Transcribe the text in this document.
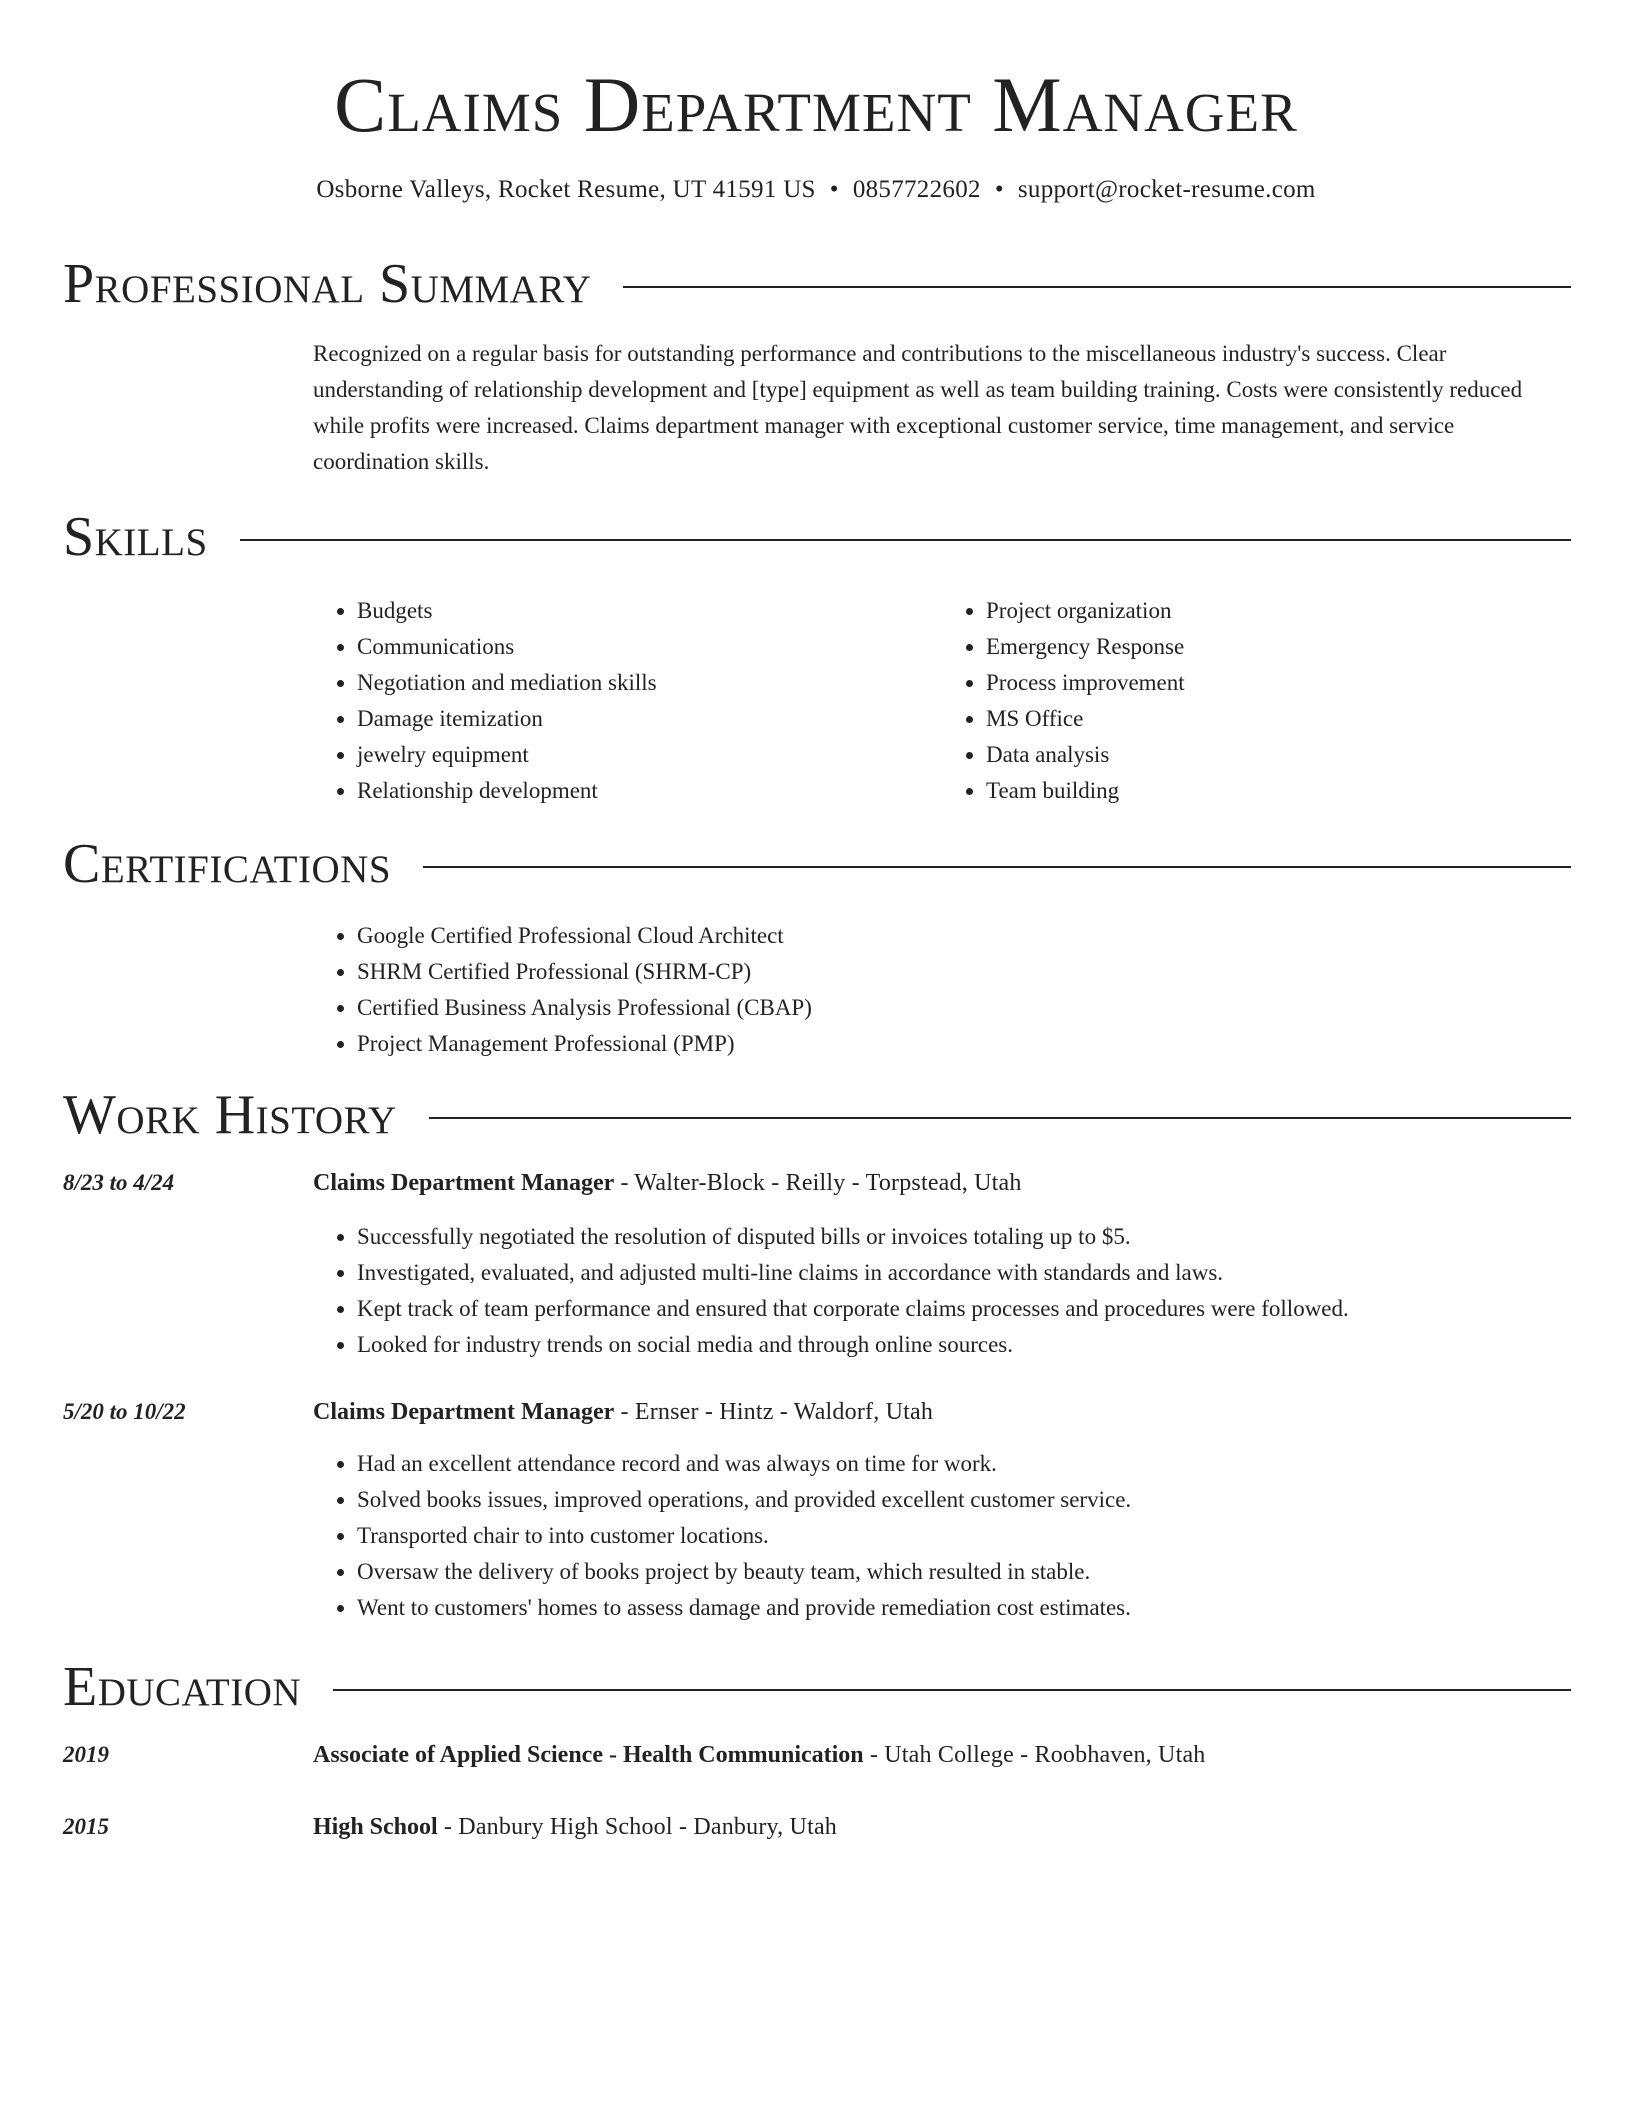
Claims Department Manager
Osborne Valleys, Rocket Resume, UT 41591 US • 0857722602 • support@rocket-resume.com
Professional Summary

Recognized on a regular basis for outstanding performance and contributions to the miscellaneous industry's success. Clear understanding of relationship development and [type] equipment as well as team building training. Costs were consistently reduced while profits were increased. Claims department manager with exceptional customer service, time management, and service coordination skills.

Skills
• Budgets
• Communications
• Negotiation and mediation skills
• Damage itemization
• jewelry equipment
• Relationship development
• Project organization
• Emergency Response
• Process improvement
• MS Office
• Data analysis
• Team building
Certifications
• Google Certified Professional Cloud Architect
• SHRM Certified Professional (SHRM-CP)
• Certified Business Analysis Professional (CBAP)
• Project Management Professional (PMP)
Work History
8/23 to 4/24	Claims Department Manager - Walter-Block - Reilly - Torpstead, Utah
• Successfully negotiated the resolution of disputed bills or invoices totaling up to $5.
• Investigated, evaluated, and adjusted multi-line claims in accordance with standards and laws.
• Kept track of team performance and ensured that corporate claims processes and procedures were followed.
• Looked for industry trends on social media and through online sources.
5/20 to 10/22	Claims Department Manager - Ernser - Hintz - Waldorf, Utah
• Had an excellent attendance record and was always on time for work.
• Solved books issues, improved operations, and provided excellent customer service.
• Transported chair to into customer locations.
• Oversaw the delivery of books project by beauty team, which resulted in stable.
• Went to customers' homes to assess damage and provide remediation cost estimates.
Education
2019	Associate of Applied Science - Health Communication - Utah College - Roobhaven, Utah
2015	High School - Danbury High School - Danbury, Utah
